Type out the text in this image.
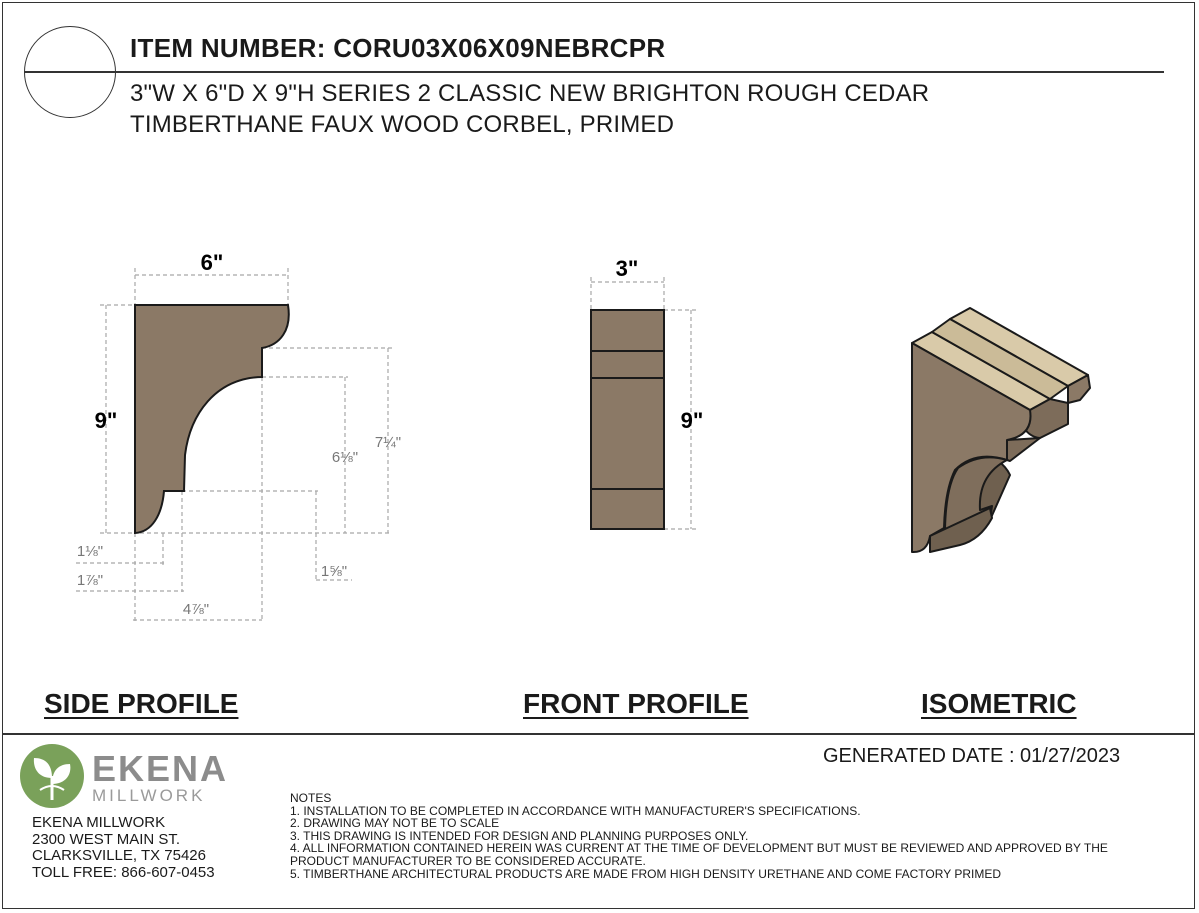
ITEM NUMBER: CORU03X06X09NEBRCPR
3"W X 6"D X 9"H SERIES 2 CLASSIC NEW BRIGHTON ROUGH CEDAR
TIMBERTHANE FAUX WOOD CORBEL, PRIMED
6"
9"
6⅛"
7¼"
1⅛"
1⅞"
1⅝"
4⅞"
3"
9"
SIDE PROFILE	FRONT PROFILE	ISOMETRIC
EKENA
MILLWORK
EKENA MILLWORK
2300 WEST MAIN ST.
CLARKSVILLE, TX 75426
TOLL FREE: 866-607-0453
GENERATED DATE : 01/27/2023
NOTES
1. INSTALLATION TO BE COMPLETED IN ACCORDANCE WITH MANUFACTURER'S SPECIFICATIONS.
2. DRAWING MAY NOT BE TO SCALE
3. THIS DRAWING IS INTENDED FOR DESIGN AND PLANNING PURPOSES ONLY.
4. ALL INFORMATION CONTAINED HEREIN WAS CURRENT AT THE TIME OF DEVELOPMENT BUT MUST BE REVIEWED AND APPROVED BY THE
PRODUCT MANUFACTURER TO BE CONSIDERED ACCURATE.
5. TIMBERTHANE ARCHITECTURAL PRODUCTS ARE MADE FROM HIGH DENSITY URETHANE AND COME FACTORY PRIMED
